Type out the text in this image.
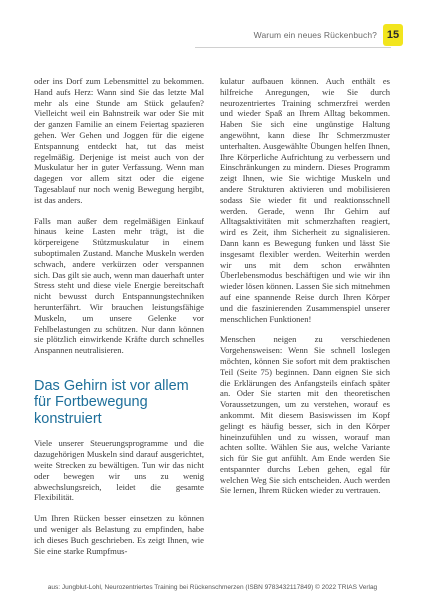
Warum ein neues Rückenbuch? 15

oder ins Dorf zum Lebensmittel zu bekommen. Hand aufs Herz: Wann sind Sie das letzte Mal mehr als eine Stunde am Stück gelaufen? Vielleicht weil ein Bahnstreik war oder Sie mit der ganzen Familie an einem Feiertag spazieren gehen. Wer Gehen und Joggen für die eigene Entspannung entdeckt hat, tut das meist regelmäßig. Derjenige ist meist auch von der Muskulatur her in guter Verfassung. Wenn man dagegen vor allem sitzt oder die eigene Tagesablauf nur noch wenig Bewegung hergibt, ist das anders.

Falls man außer dem regelmäßigen Einkauf hinaus keine Lasten mehr trägt, ist die körpereigene Stützmuskulatur in einem suboptimalen Zustand. Manche Muskeln werden schwach, andere verkürzen oder verspannen sich. Das gilt sie auch, wenn man dauerhaft unter Stress steht und diese viele Energie bereitschaft nicht bewusst durch Entspannungstechniken herunterfährt. Wir brauchen leistungsfähige Muskeln, um unsere Gelenke vor Fehlbelastungen zu schützen. Nur dann können sie plötzlich einwirkende Kräfte durch schnelles Anspannen neutralisieren.

Das Gehirn ist vor allem für Fortbewegung konstruiert

Viele unserer Steuerungsprogramme und die dazugehörigen Muskeln sind darauf ausgerichtet, weite Strecken zu bewältigen. Tun wir das nicht oder bewegen wir uns zu wenig abwechslungsreich, leidet die gesamte Flexibilität.

Um Ihren Rücken besser einsetzen zu können und weniger als Belastung zu empfinden, habe ich dieses Buch geschrieben. Es zeigt Ihnen, wie Sie eine starke Rumpfmus-

kulatur aufbauen können. Auch enthält es hilfreiche Anregungen, wie Sie durch neurozentriertes Training schmerzfrei werden und wieder Spaß an Ihrem Alltag bekommen. Haben Sie sich eine ungünstige Haltung angewöhnt, kann diese Ihr Schmerzmuster unterhalten. Ausgewählte Übungen helfen Ihnen, Ihre Körperliche Aufrichtung zu verbessern und Einschränkungen zu mindern. Dieses Programm zeigt Ihnen, wie Sie wichtige Muskeln und andere Strukturen aktivieren und mobilisieren sodass Sie wieder fit und reaktionsschnell werden. Gerade, wenn Ihr Gehirn auf Alltagsaktivitäten mit schmerzhaften reagiert, wird es Zeit, ihm Sicherheit zu signalisieren. Dann kann es Bewegung funken und lässt Sie insgesamt flexibler werden. Weiterhin werden wir uns mit dem schon erwähnten Überlebensmodus beschäftigen und wie wir ihn wieder lösen können. Lassen Sie sich mitnehmen auf eine spannende Reise durch Ihren Körper und die faszinierenden Zusammenspiel unserer menschlichen Funktionen!

Menschen neigen zu verschiedenen Vorgehensweisen: Wenn Sie schnell loslegen möchten, können Sie sofort mit dem praktischen Teil (Seite 75) beginnen. Dann eignen Sie sich die Erklärungen des Anfangsteils einfach später an. Oder Sie starten mit den theoretischen Voraussetzungen, um zu verstehen, worauf es ankommt. Mit diesem Basiswissen im Kopf gelingt es häufig besser, sich in den Körper hineinzufühlen und zu wissen, worauf man achten sollte. Wählen Sie aus, welche Variante sich für Sie gut anfühlt. Am Ende werden Sie entspannter durchs Leben gehen, egal für welchen Weg Sie sich entscheiden. Auch werden Sie lernen, Ihrem Rücken wieder zu vertrauen.

aus: Jungblut-Lohl, Neurozentriertes Training bei Rückenschmerzen (ISBN 9783432117849) © 2022 TRIAS Verlag
